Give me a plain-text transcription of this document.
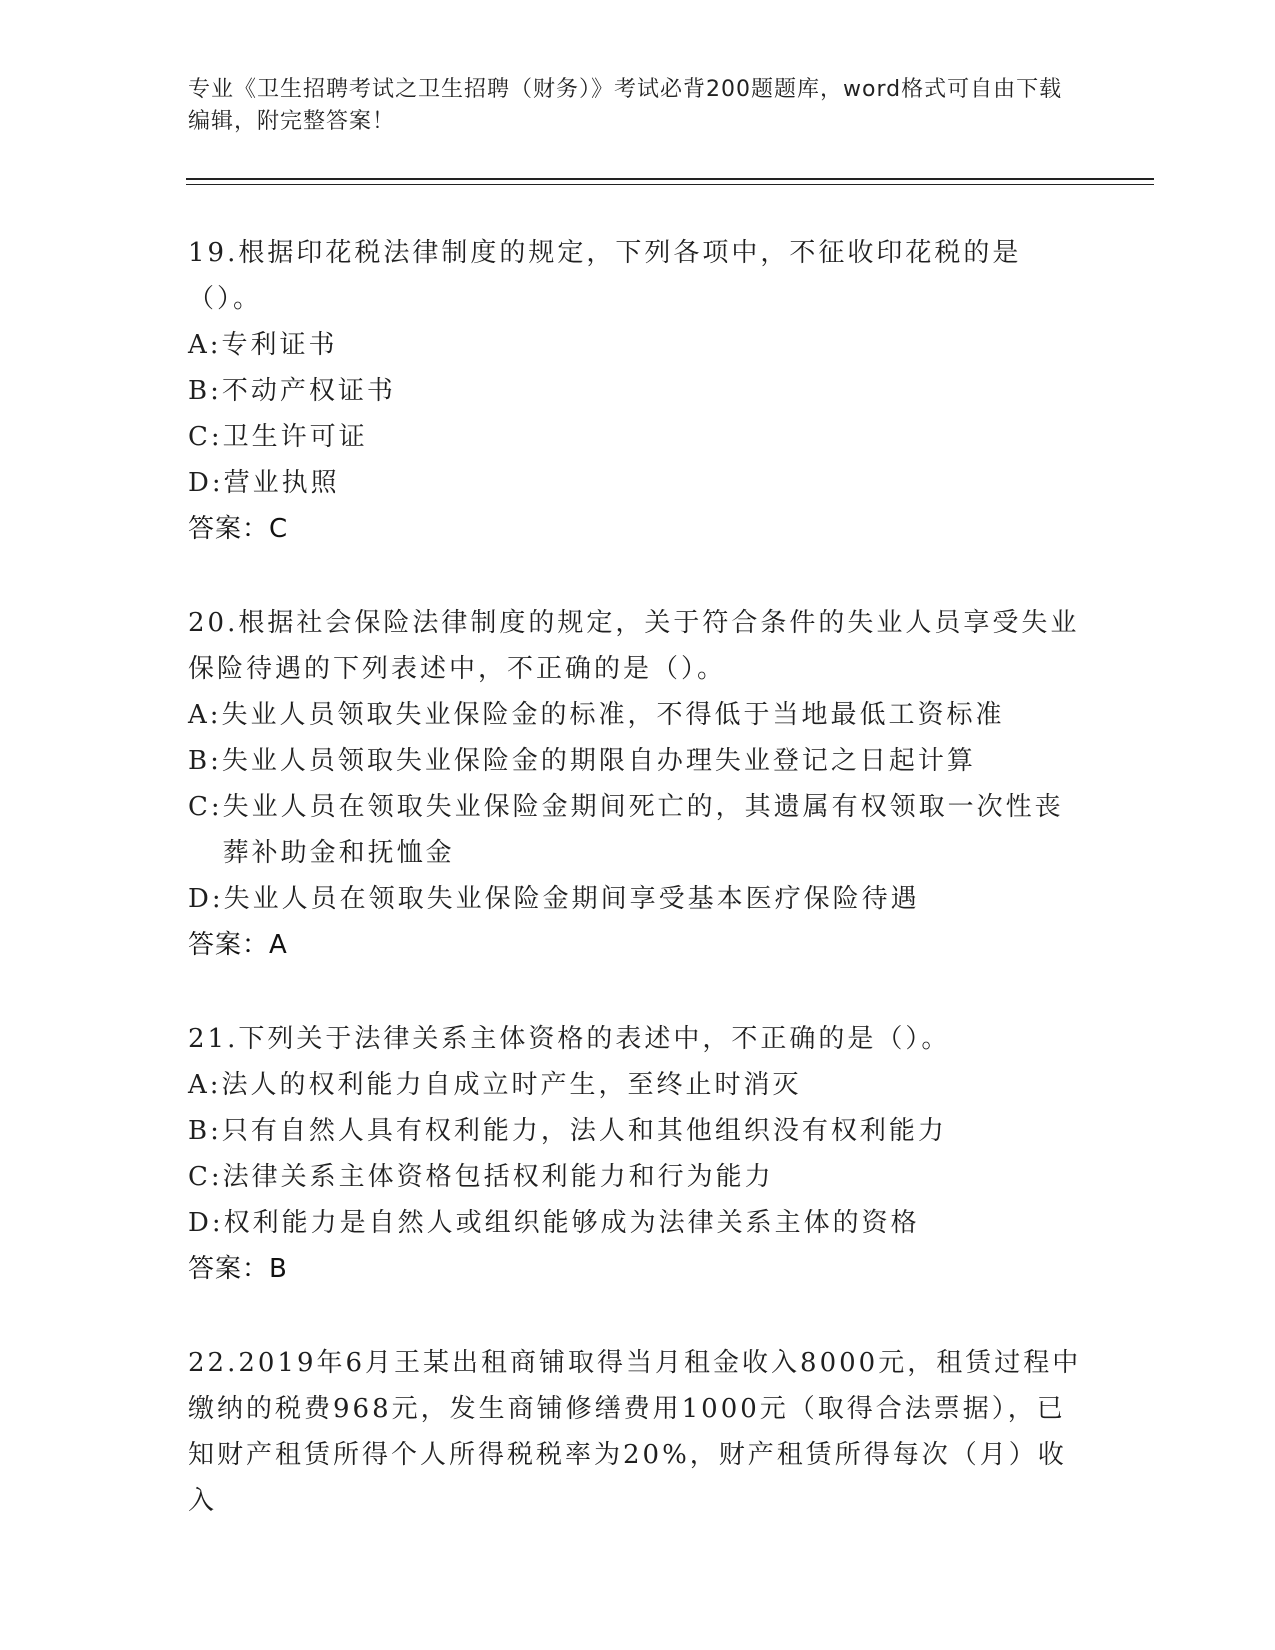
专业《卫生招聘考试之卫生招聘（财务）》考试必背200题题库，word格式可自由下载编辑，附完整答案！

19.根据印花税法律制度的规定，下列各项中，不征收印花税的是（）。

A: 专利证书
B: 不动产权证书
C: 卫生许可证
D: 营业执照
答案：C

20.根据社会保险法律制度的规定，关于符合条件的失业人员享受失业保险待遇的下列表述中，不正确的是（）。

A: 失业人员领取失业保险金的标准，不得低于当地最低工资标准
B: 失业人员领取失业保险金的期限自办理失业登记之日起计算
C: 失业人员在领取失业保险金期间死亡的，其遗属有权领取一次性丧葬补助金和抚恤金
D: 失业人员在领取失业保险金期间享受基本医疗保险待遇
答案：A

21.下列关于法律关系主体资格的表述中，不正确的是（）。

A: 法人的权利能力自成立时产生，至终止时消灭
B: 只有自然人具有权利能力，法人和其他组织没有权利能力
C: 法律关系主体资格包括权利能力和行为能力
D: 权利能力是自然人或组织能够成为法律关系主体的资格
答案：B

22.2019年6月王某出租商铺取得当月租金收入8000元，租赁过程中缴纳的税费968元，发生商铺修缮费用1000元（取得合法票据），已知财产租赁所得个人所得税税率为20%，财产租赁所得每次（月）收入
